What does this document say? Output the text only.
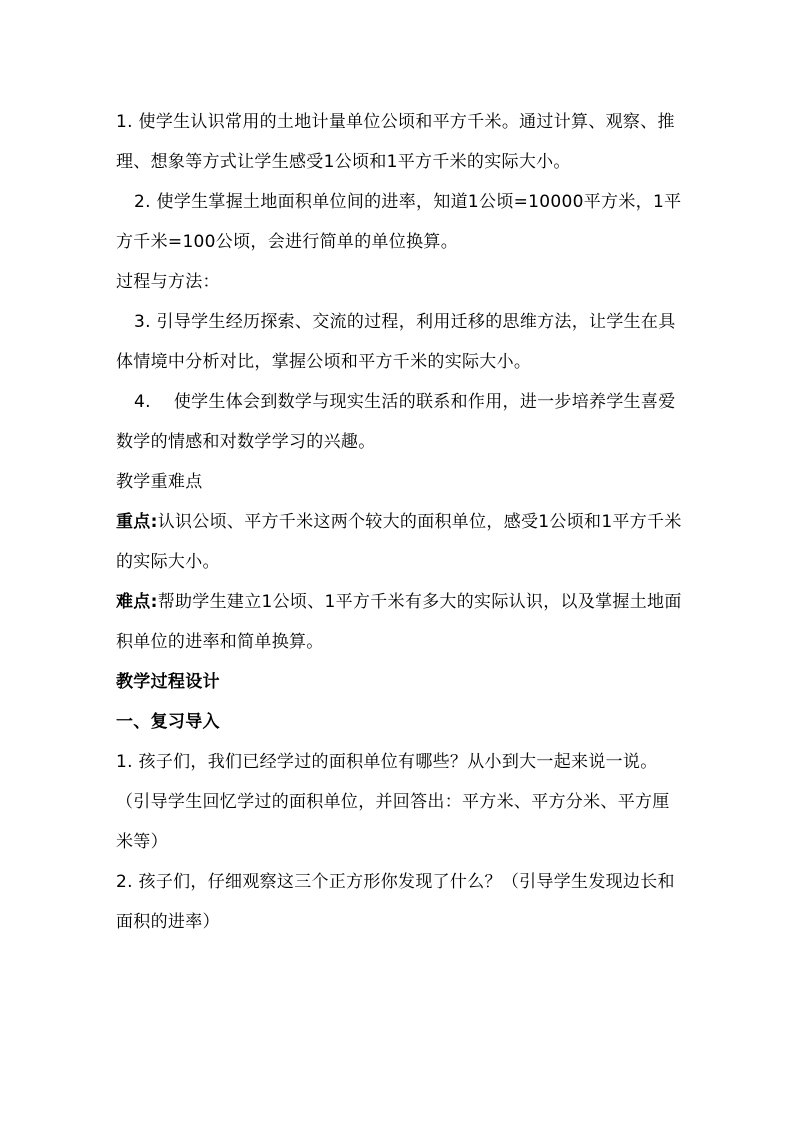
1. 使学生认识常用的土地计量单位公顷和平方千米。通过计算、观察、推理、想象等方式让学生感受1公顷和1平方千米的实际大小。

2. 使学生掌握土地面积单位间的进率，知道1公顷=10000平方米，1平方千米=100公顷，会进行简单的单位换算。

过程与方法：

3. 引导学生经历探索、交流的过程，利用迁移的思维方法，让学生在具体情境中分析对比，掌握公顷和平方千米的实际大小。

4.　 使学生体会到数学与现实生活的联系和作用，进一步培养学生喜爱数学的情感和对数学学习的兴趣。

教学重难点

重点:认识公顷、平方千米这两个较大的面积单位，感受1公顷和1平方千米的实际大小。

难点:帮助学生建立1公顷、1平方千米有多大的实际认识，以及掌握土地面积单位的进率和简单换算。

教学过程设计

一、复习导入

1. 孩子们，我们已经学过的面积单位有哪些？从小到大一起来说一说。

（引导学生回忆学过的面积单位，并回答出：平方米、平方分米、平方厘米等）

2. 孩子们，仔细观察这三个正方形你发现了什么？（引导学生发现边长和面积的进率）
